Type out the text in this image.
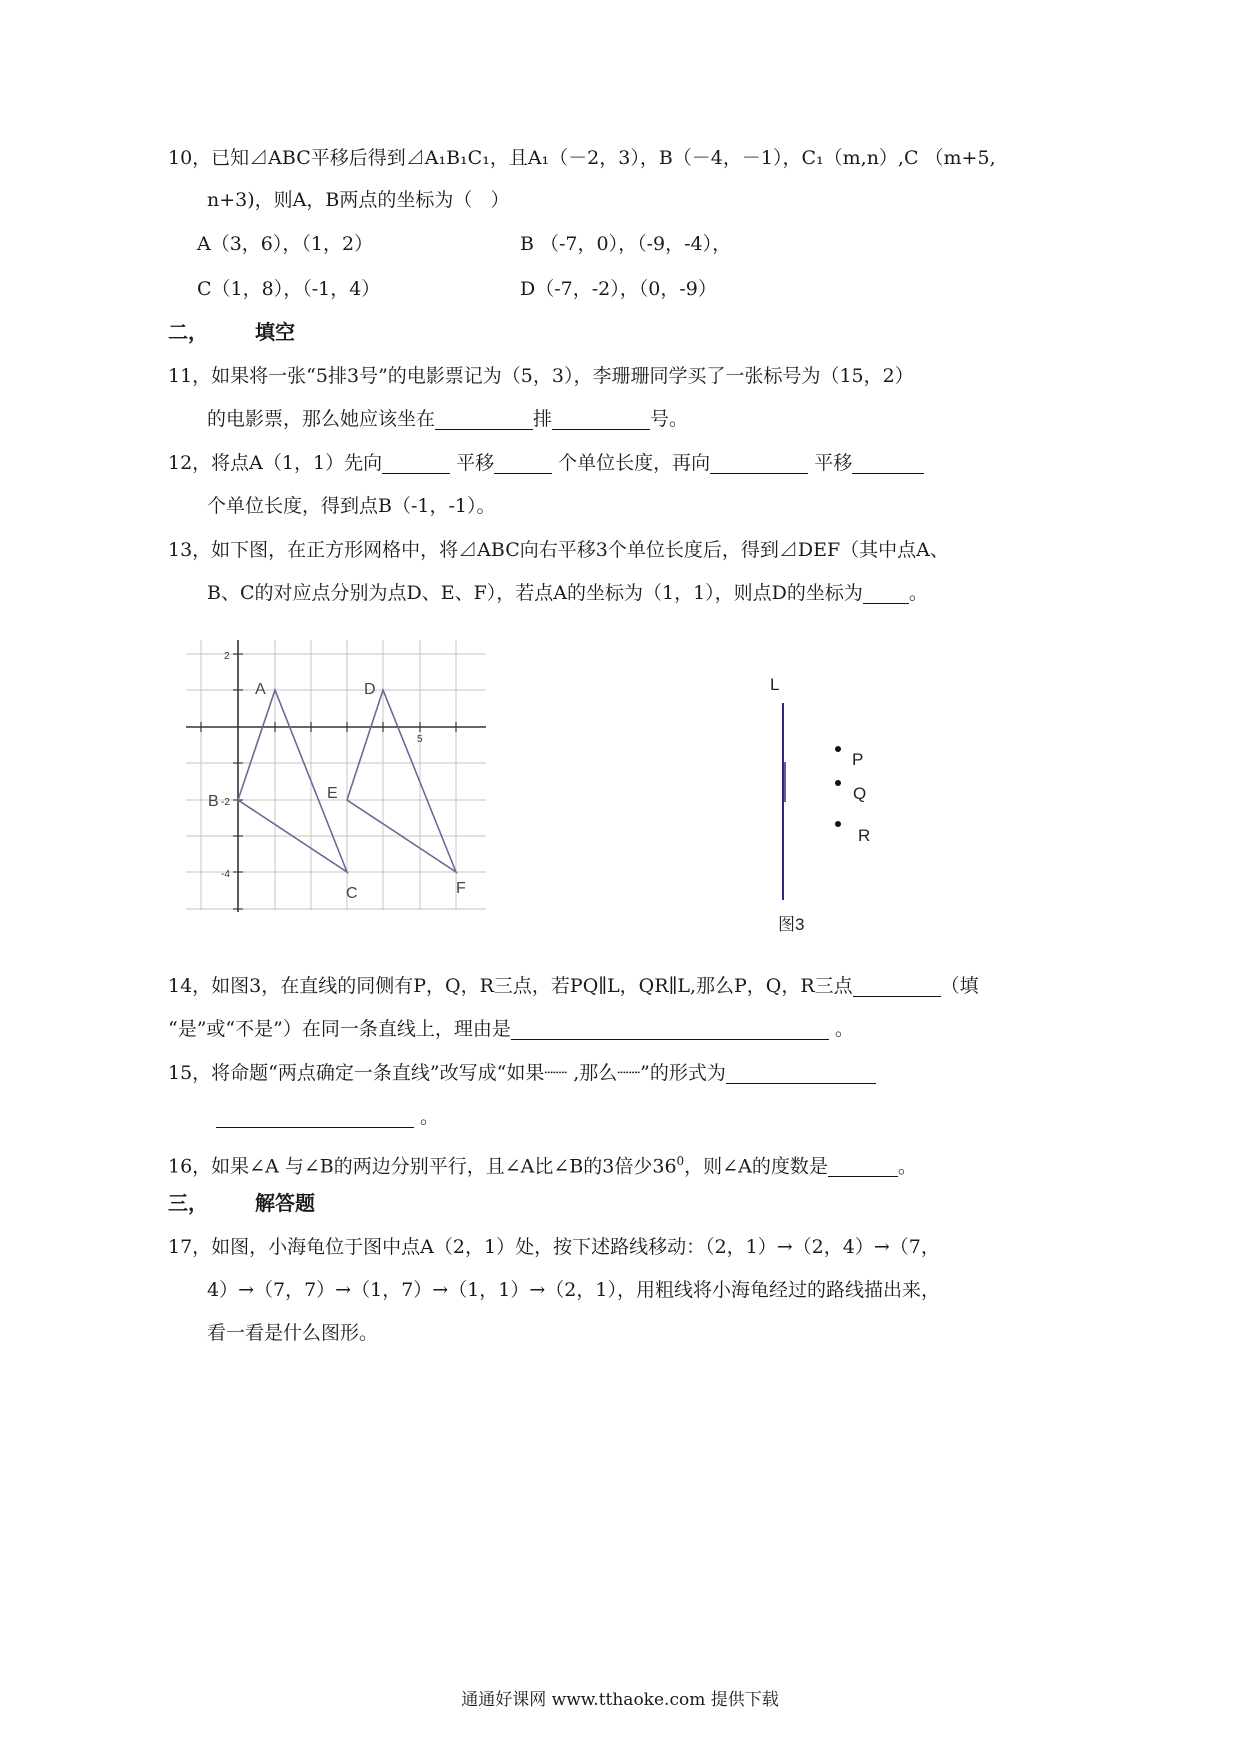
10，已知⊿ABC平移后得到⊿A₁B₁C₁，且A₁（－2，3），B（－4，－1），C₁（m,n）,C （m+5,
n+3)，则A，B两点的坐标为（   ）
A（3，6），（1，2）	B （-7，0），（-9，-4），
C（1，8），（-1，4）	D（-7，-2），（0，-9）
二， 填空
11，如果将一张“5排3号”的电影票记为（5，3），李珊珊同学买了一张标号为（15，2）
的电影票，那么她应该坐在	排	号。
12，将点A（1，1）先向	平移	个单位长度，再向	平移
个单位长度，得到点B（-1，-1）。
13，如下图，在正方形网格中，将⊿ABC向右平移3个单位长度后，得到⊿DEF（其中点A、
B、C的对应点分别为点D、E、F），若点A的坐标为（1，1），则点D的坐标为 。
2
-2
-4
5
A
B
C
D
E
F
L
P
Q
R
图3
14，如图3，在直线的同侧有P，Q，R三点，若PQ∥L，QR∥L,那么P，Q，R三点	（填
“是”或“不是”）在同一条直线上，理由是	。
15，将命题“两点确定一条直线”改写成“如果┈┈ ,那么┈┈”的形式为
。
16，如果∠A 与∠B的两边分别平行，且∠A比∠B的3倍少$36^0$，则∠A的度数是	。
三， 解答题
17，如图，小海龟位于图中点A（2，1）处，按下述路线移动：（2，1）→（2，4）→（7，
4）→（7，7）→（1，7）→（1，1）→（2，1），用粗线将小海龟经过的路线描出来，
看一看是什么图形。
通通好课网 www.tthaoke.com 提供下载
